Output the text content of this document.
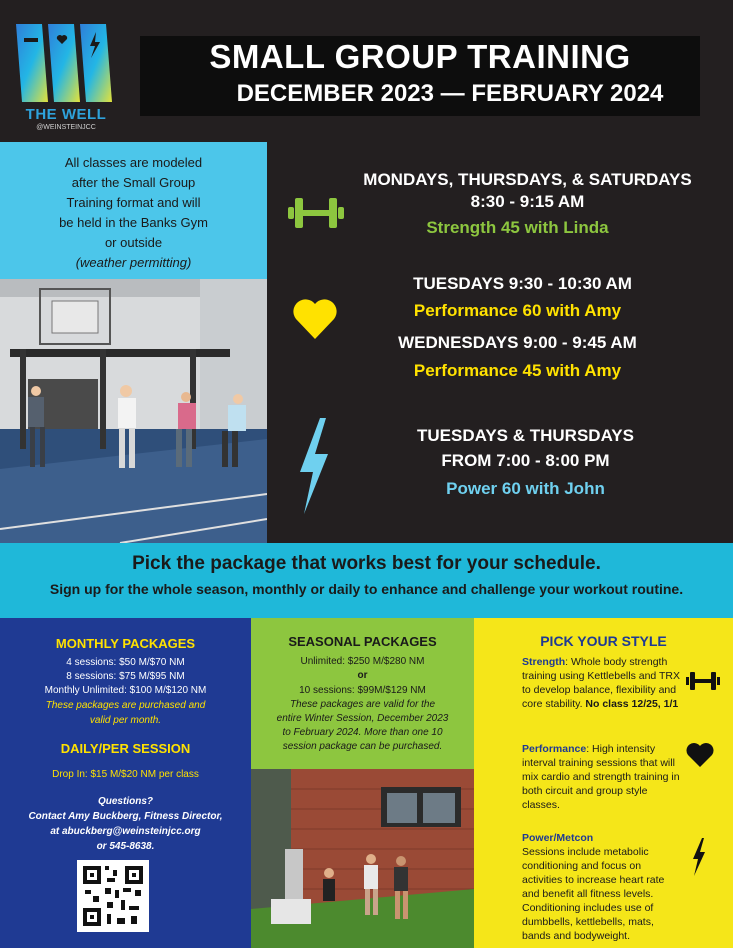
THE WELL
@WEINSTEINJCC
SMALL GROUP TRAINING
DECEMBER 2023 — FEBRUARY 2024
All classes are modeled
after the Small Group
Training format and will
be held in the Banks Gym
or outside
(weather permitting)
MONDAYS, THURSDAYS, & SATURDAYS
8:30 - 9:15 AM
Strength 45 with Linda
TUESDAYS 9:30 - 10:30 AM
Performance 60 with Amy
WEDNESDAYS 9:00 - 9:45 AM
Performance 45 with Amy
TUESDAYS & THURSDAYS
FROM 7:00 - 8:00 PM
Power 60 with John
Pick the package that works best for your schedule.
Sign up for the whole season, monthly or daily to enhance and challenge your workout routine.
MONTHLY PACKAGES
4 sessions: $50 M/$70 NM
8 sessions: $75 M/$95 NM
Monthly Unlimited: $100 M/$120 NM
These packages are purchased and
valid per month.
DAILY/PER SESSION
Drop In: $15 M/$20 NM per class
Questions?
Contact Amy Buckberg, Fitness Director,
at abuckberg@weinsteinjcc.org
or 545-8638.
SEASONAL PACKAGES
Unlimited: $250 M/$280 NM
or
10 sessions: $99M/$129 NM
These packages are valid for the
entire Winter Session, December 2023
to February 2024. More than one 10
session package can be purchased.
PICK YOUR STYLE
Strength: Whole body strength training using Kettlebells and TRX to develop balance, flexibility and core stability. No class 12/25, 1/1
Performance: High intensity interval training sessions that will mix cardio and strength training in both circuit and group style classes.
Power/Metcon
Sessions include metabolic conditioning and focus on activities to increase heart rate and benefit all fitness levels. Conditioning includes use of dumbbells, kettlebells, mats, bands and bodyweight.
